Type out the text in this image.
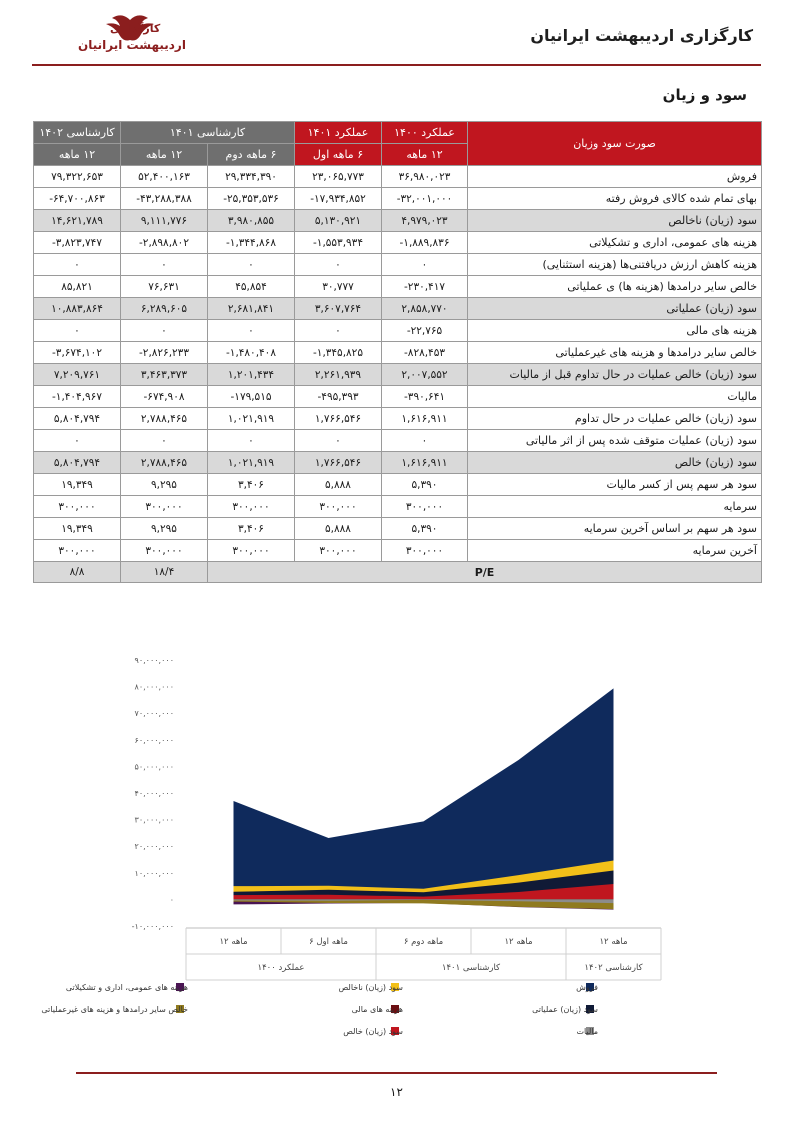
کارگزاری
اردیبهشت ایرانیان	کارگزاری اردیبهشت ایرانیان
سود و زیان
صورت سود وزیان	عملکرد ۱۴۰۰	عملکرد ۱۴۰۱	کارشناسی ۱۴۰۱		کارشناسی ۱۴۰۲
	۱۲ ماهه	۶ ماهه اول	۶ ماهه دوم	۱۲ ماهه	۱۲ ماهه
فروش	۳۶,۹۸۰,۰۲۳	۲۳,۰۶۵,۷۷۳	۲۹,۳۳۴,۳۹۰	۵۲,۴۰۰,۱۶۳	۷۹,۳۲۲,۶۵۳
بهای تمام شده کالای فروش رفته	-۳۲,۰۰۱,۰۰۰	-۱۷,۹۳۴,۸۵۲	-۲۵,۳۵۳,۵۳۶	-۴۳,۲۸۸,۳۸۸	-۶۴,۷۰۰,۸۶۳
سود (زیان) ناخالص	۴,۹۷۹,۰۲۳	۵,۱۳۰,۹۲۱	۳,۹۸۰,۸۵۵	۹,۱۱۱,۷۷۶	۱۴,۶۲۱,۷۸۹
هزینه های عمومی، اداری و تشکیلاتی	-۱,۸۸۹,۸۳۶	-۱,۵۵۳,۹۳۴	-۱,۳۴۴,۸۶۸	-۲,۸۹۸,۸۰۲	-۳,۸۲۳,۷۴۷
هزینه کاهش ارزش دریافتنی‌ها (هزینه استثنایی)	۰	۰	۰	۰	۰
خالص سایر درامدها (هزینه ها) ی عملیاتی	-۲۳۰,۴۱۷	۳۰,۷۷۷	۴۵,۸۵۴	۷۶,۶۳۱	۸۵,۸۲۱
سود (زیان) عملیاتی	۲,۸۵۸,۷۷۰	۳,۶۰۷,۷۶۴	۲,۶۸۱,۸۴۱	۶,۲۸۹,۶۰۵	۱۰,۸۸۳,۸۶۴
هزینه های مالی	-۲۲,۷۶۵	۰	۰	۰	۰
خالص سایر درامدها و هزینه های غیرعملیاتی	-۸۲۸,۴۵۳	-۱,۳۴۵,۸۲۵	-۱,۴۸۰,۴۰۸	-۲,۸۲۶,۲۳۳	-۳,۶۷۴,۱۰۲
سود (زیان) خالص عملیات در حال تداوم قبل از مالیات	۲,۰۰۷,۵۵۲	۲,۲۶۱,۹۳۹	۱,۲۰۱,۴۳۴	۳,۴۶۳,۳۷۳	۷,۲۰۹,۷۶۱
مالیات	-۳۹۰,۶۴۱	-۴۹۵,۳۹۳	-۱۷۹,۵۱۵	-۶۷۴,۹۰۸	-۱,۴۰۴,۹۶۷
سود (زیان) خالص عملیات در حال تداوم	۱,۶۱۶,۹۱۱	۱,۷۶۶,۵۴۶	۱,۰۲۱,۹۱۹	۲,۷۸۸,۴۶۵	۵,۸۰۴,۷۹۴
سود (زیان) عملیات متوقف شده پس از اثر مالیاتی	۰	۰	۰	۰	۰
سود (زیان) خالص	۱,۶۱۶,۹۱۱	۱,۷۶۶,۵۴۶	۱,۰۲۱,۹۱۹	۲,۷۸۸,۴۶۵	۵,۸۰۴,۷۹۴
سود هر سهم پس از کسر مالیات	۵,۳۹۰	۵,۸۸۸	۳,۴۰۶	۹,۲۹۵	۱۹,۳۴۹
سرمایه	۳۰۰,۰۰۰	۳۰۰,۰۰۰	۳۰۰,۰۰۰	۳۰۰,۰۰۰	۳۰۰,۰۰۰
سود هر سهم بر اساس آخرین سرمایه	۵,۳۹۰	۵,۸۸۸	۳,۴۰۶	۹,۲۹۵	۱۹,۳۴۹
آخرین سرمایه	۳۰۰,۰۰۰	۳۰۰,۰۰۰	۳۰۰,۰۰۰	۳۰۰,۰۰۰	۳۰۰,۰۰۰
P/E				۱۸/۴	۸/۸
-۱۰,۰۰۰,۰۰۰
۰
۱۰,۰۰۰,۰۰۰
۲۰,۰۰۰,۰۰۰
۳۰,۰۰۰,۰۰۰
۴۰,۰۰۰,۰۰۰
۵۰,۰۰۰,۰۰۰
۶۰,۰۰۰,۰۰۰
۷۰,۰۰۰,۰۰۰
۸۰,۰۰۰,۰۰۰
۹۰,۰۰۰,۰۰۰
۱۲ ماهه	۶ ماهه اول	۶ ماهه دوم	۱۲ ماهه	۱۲ ماهه
عملکرد ۱۴۰۰	کارشناسی ۱۴۰۱	کارشناسی ۱۴۰۲
فروش
سود (زیان) ناخالص
هزینه های عمومی، اداری و تشکیلاتی
سود (زیان) عملیاتی
هزینه های مالی
خالص سایر درامدها و هزینه های غیرعملیاتی
مالیات
سود (زیان) خالص
۱۲
